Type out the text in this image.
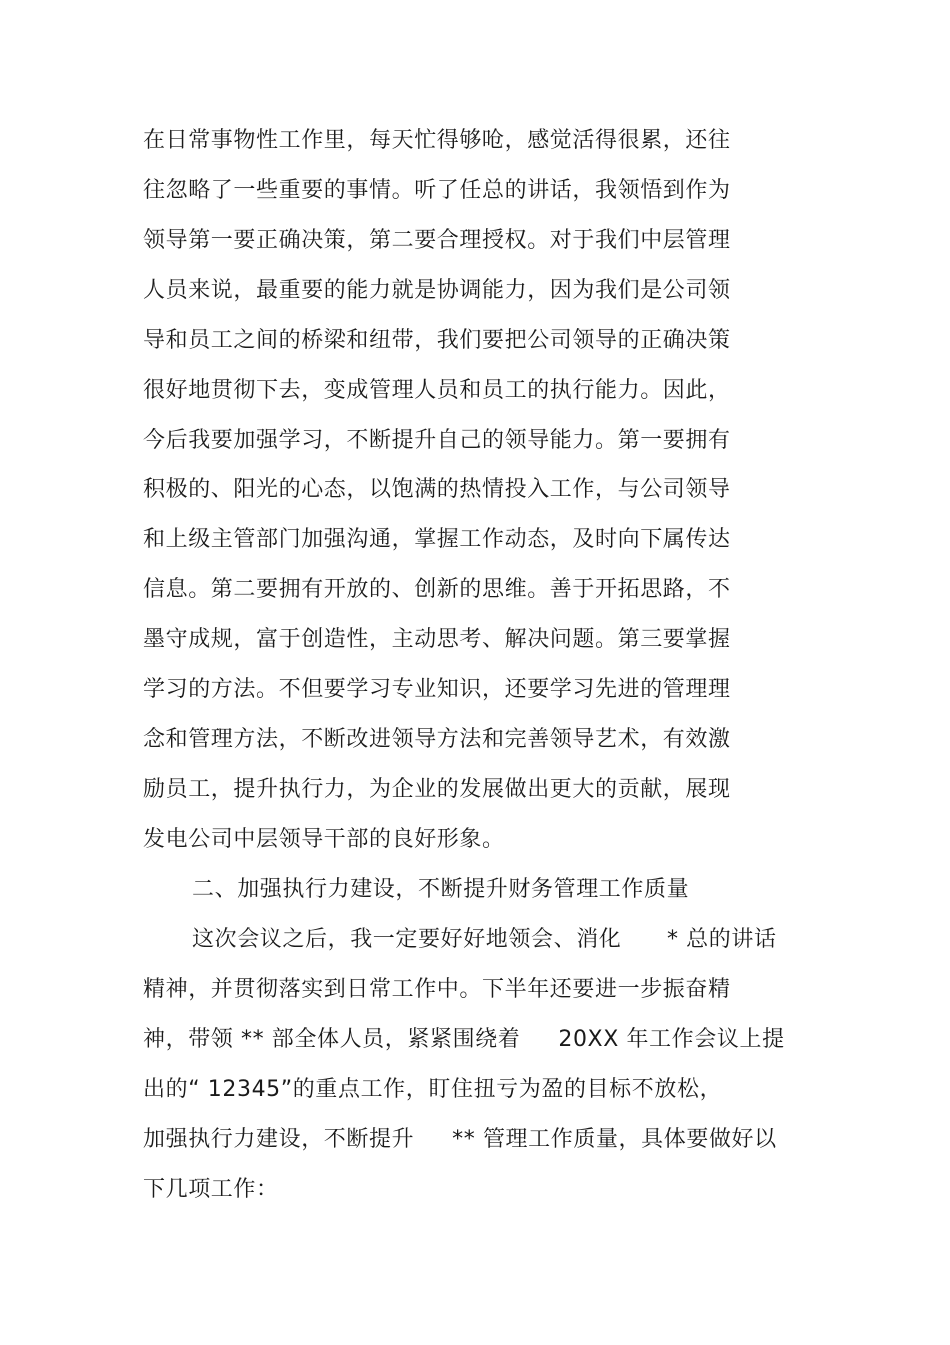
在日常事物性工作里，每天忙得够呛，感觉活得很累，还往
往忽略了一些重要的事情。听了任总的讲话，我领悟到作为
领导第一要正确决策，第二要合理授权。对于我们中层管理
人员来说，最重要的能力就是协调能力，因为我们是公司领
导和员工之间的桥梁和纽带，我们要把公司领导的正确决策
很好地贯彻下去，变成管理人员和员工的执行能力。因此，
今后我要加强学习，不断提升自己的领导能力。第一要拥有
积极的、阳光的心态，以饱满的热情投入工作，与公司领导
和上级主管部门加强沟通，掌握工作动态，及时向下属传达
信息。第二要拥有开放的、创新的思维。善于开拓思路，不
墨守成规，富于创造性，主动思考、解决问题。第三要掌握
学习的方法。不但要学习专业知识，还要学习先进的管理理
念和管理方法，不断改进领导方法和完善领导艺术，有效激
励员工，提升执行力，为企业的发展做出更大的贡献，展现
发电公司中层领导干部的良好形象。
二、加强执行力建设，不断提升财务管理工作质量
这次会议之后，我一定要好好地领会、消化      * 总的讲话
精神，并贯彻落实到日常工作中。下半年还要进一步振奋精
神，带领 ** 部全体人员，紧紧围绕着     20XX 年工作会议上提
出的“ 12345”的重点工作，盯住扭亏为盈的目标不放松，
加强执行力建设，不断提升     ** 管理工作质量，具体要做好以
下几项工作：
